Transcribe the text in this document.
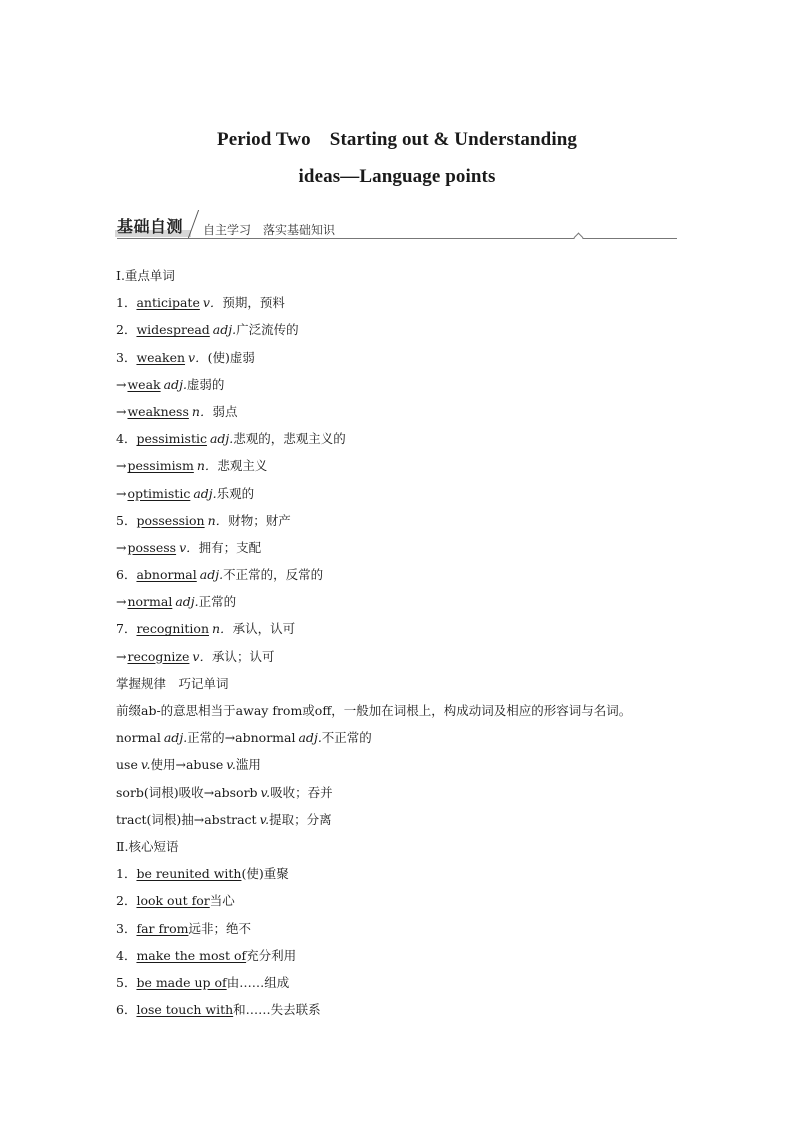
Period Two　Starting out & Understanding
ideas—Language points
基础自测 自主学习　落实基础知识
Ⅰ.重点单词
1．anticipate v．预期，预料
2．widespread adj.广泛流传的
3．weaken v．(使)虚弱
→weak adj.虚弱的
→weakness n．弱点
4．pessimistic adj.悲观的，悲观主义的
→pessimism n．悲观主义
→optimistic adj.乐观的
5．possession n．财物；财产
→possess v．拥有；支配
6．abnormal adj.不正常的，反常的
→normal adj.正常的
7．recognition n．承认，认可
→recognize v．承认；认可
掌握规律　巧记单词
前缀ab-的意思相当于away from或off，一般加在词根上，构成动词及相应的形容词与名词。
normal adj.正常的→abnormal adj.不正常的
use v.使用→abuse v.滥用
sorb(词根)吸收→absorb v.吸收；吞并
tract(词根)抽→abstract v.提取；分离
Ⅱ.核心短语
1．be reunited with(使)重聚
2．look out for当心
3．far from远非；绝不
4．make the most of充分利用
5．be made up of由……组成
6．lose touch with和……失去联系
